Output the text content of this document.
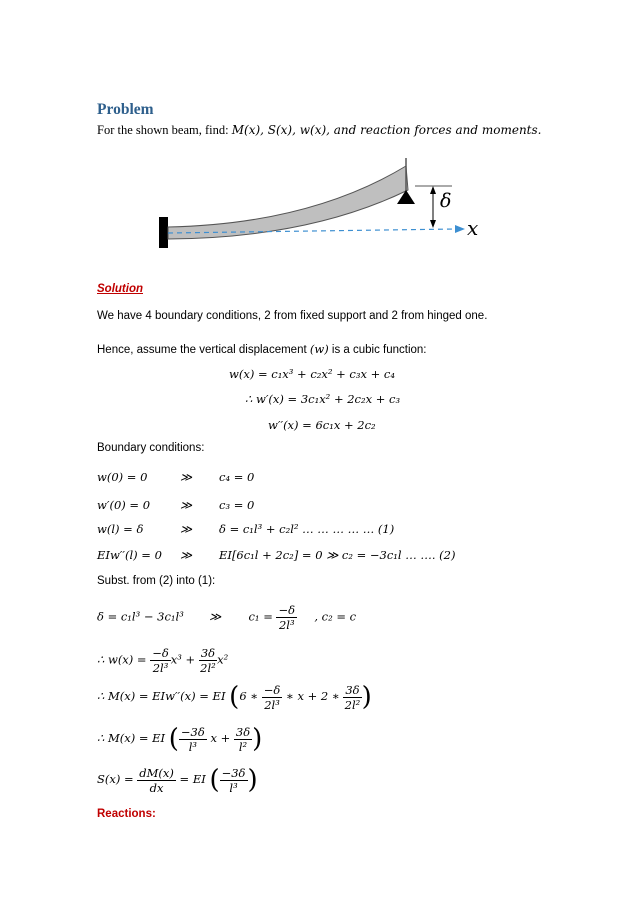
Problem
For the shown beam, find: M(x), S(x), w(x), and reaction forces and moments.
δ
x
Solution
We have 4 boundary conditions, 2 from fixed support and 2 from hinged one.
Hence, assume the vertical displacement (w) is a cubic function:
w(x) = c₁x³ + c₂x² + c₃x + c₄
∴ w′(x) = 3c₁x² + 2c₂x + c₃
w′′(x) = 6c₁x + 2c₂
Boundary conditions:
w(0) = 0	≫ c₄ = 0
w′(0) = 0	≫ c₃ = 0
w(l) = δ	≫ δ = c₁l³ + c₂l² … … … … … (1)
EIw′′(l) = 0 ≫ EI[6c₁l + 2c₂] = 0 ≫ c₂ = −3c₁l … …. (2)
Subst. from (2) into (1):
δ = c₁l³ − 3c₁l³ ≫ $c_1 = \frac{-\delta}{\text{2l³}}$ , c₂ = c
∴ $w(x) = \frac{-\delta}{\text{2l³}} x^3 + \frac{3\delta}{\text{2l²}} x^2$
∴ M(x) = EIw′′(x) = EI (6 ∗ $\frac{-\delta}{\text{2l³}}$ ∗ x + 2 ∗ $\frac{3\delta}{\text{2l²}}$ )
∴ M(x) = EI ( $\frac{-3\delta}{\text{l³}}$ $x + \frac{3\delta}{\text{l²}}$ )
$S(x) = \frac{dM(x)}{dx}$ = EI ( $\frac{-3\delta}{\text{l³}}$ )
Reactions:
